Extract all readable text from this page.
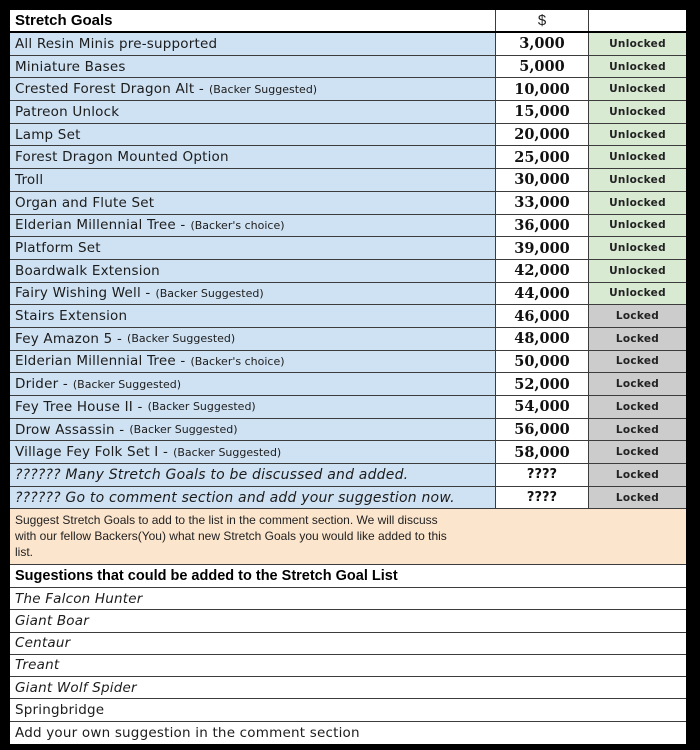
Stretch Goals	$
All Resin Minis pre-supported	3,000	Unlocked
Miniature Bases	5,000	Unlocked
Crested Forest Dragon Alt - (Backer Suggested)	10,000	Unlocked
Patreon Unlock	15,000	Unlocked
Lamp Set	20,000	Unlocked
Forest Dragon Mounted Option	25,000	Unlocked
Troll	30,000	Unlocked
Organ and Flute Set	33,000	Unlocked
Elderian Millennial Tree - (Backer's choice)	36,000	Unlocked
Platform Set	39,000	Unlocked
Boardwalk Extension	42,000	Unlocked
Fairy Wishing Well - (Backer Suggested)	44,000	Unlocked
Stairs Extension	46,000	Locked
Fey Amazon 5 - (Backer Suggested)	48,000	Locked
Elderian Millennial Tree - (Backer's choice)	50,000	Locked
Drider - (Backer Suggested)	52,000	Locked
Fey Tree House II - (Backer Suggested)	54,000	Locked
Drow Assassin - (Backer Suggested)	56,000	Locked
Village Fey Folk Set I - (Backer Suggested)	58,000	Locked
?????? Many Stretch Goals to be discussed and added.	????	Locked
?????? Go to comment section and add your suggestion now.	????	Locked
Suggest Stretch Goals to add to the list in the comment section. We will discuss with our fellow Backers(You) what new Stretch Goals you would like added to this list.
Sugestions that could be added to the Stretch Goal List
The Falcon Hunter
Giant Boar
Centaur
Treant
Giant Wolf Spider
Springbridge
Add your own suggestion in the comment section
